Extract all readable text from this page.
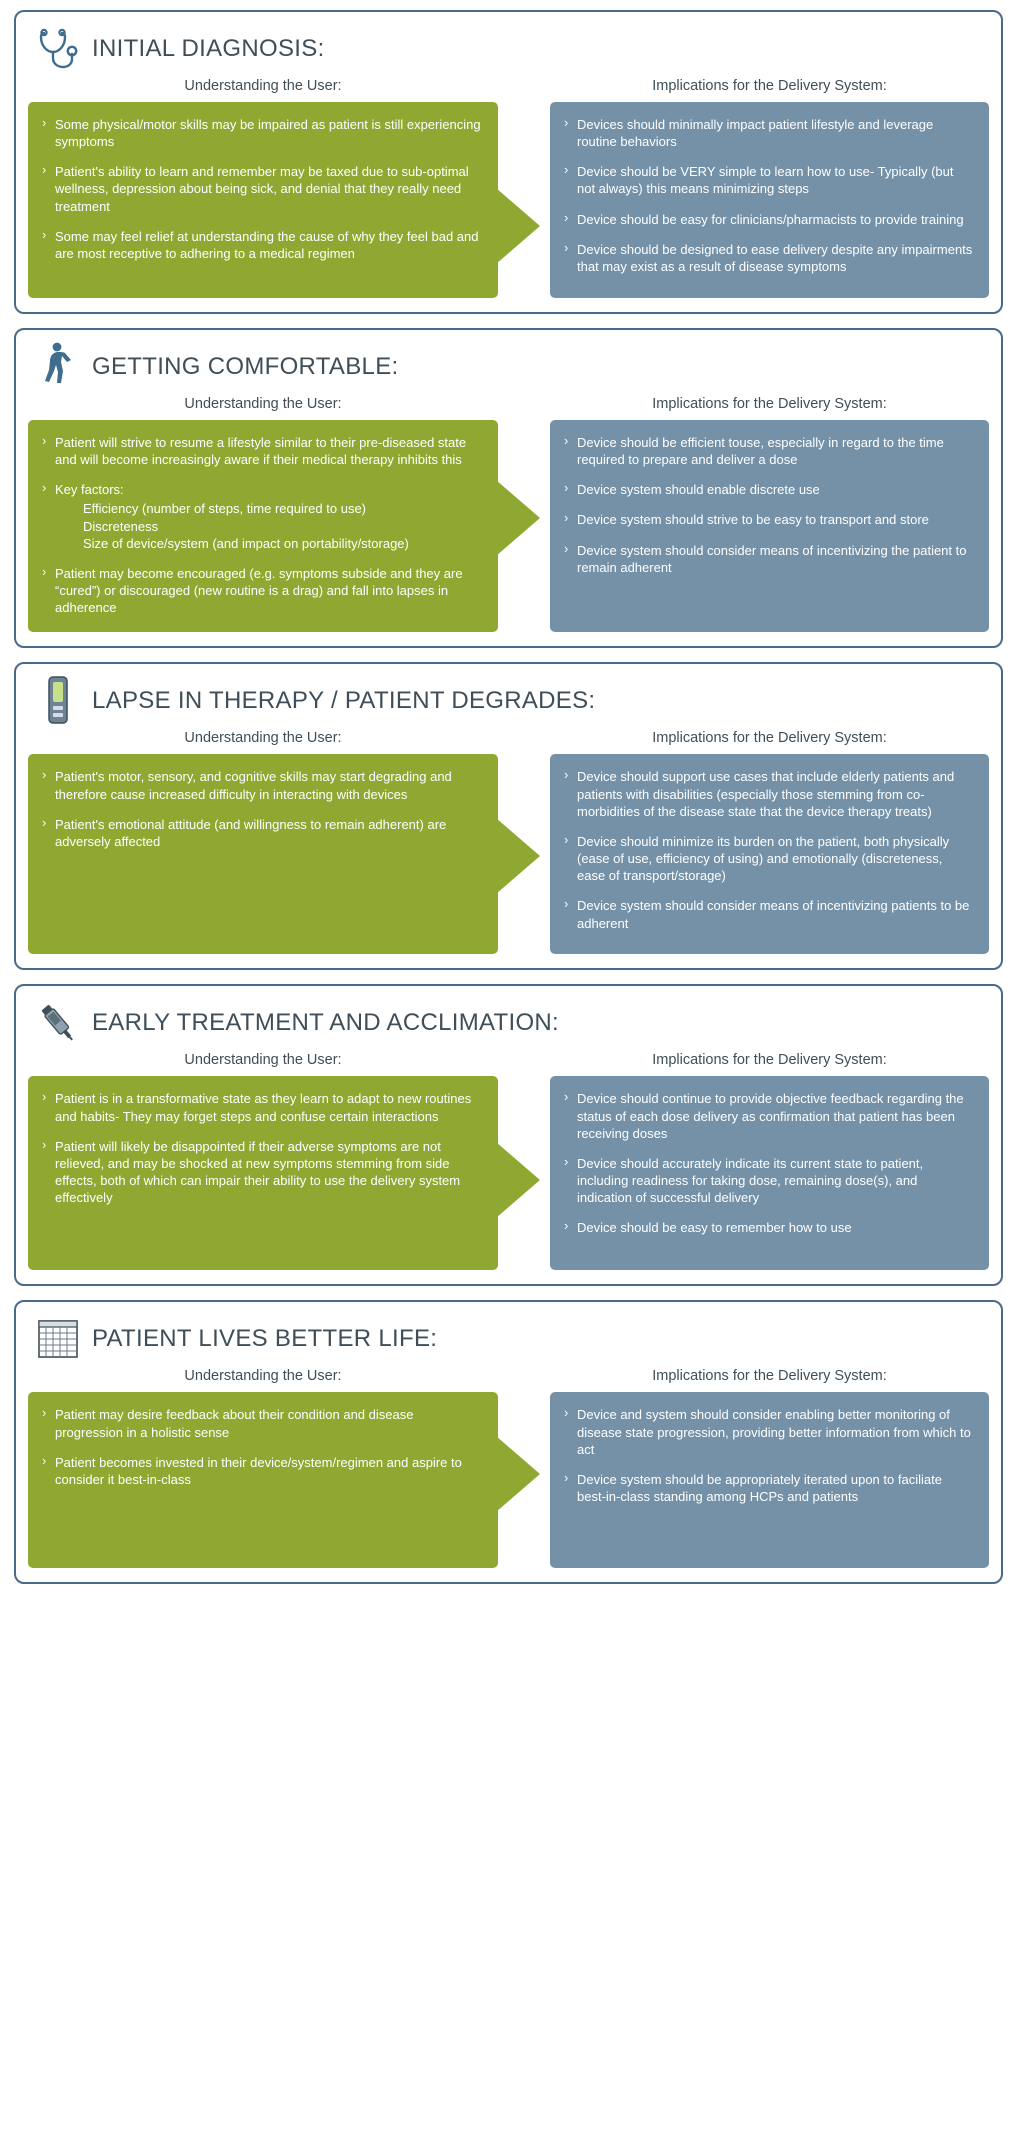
INITIAL DIAGNOSIS:
Understanding the User:
› Some physical/motor skills may be impaired as patient is still experiencing symptoms
› Patient's ability to learn and remember may be taxed due to sub-optimal wellness, depression about being sick, and denial that they really need treatment
› Some may feel relief at understanding the cause of why they feel bad and are most receptive to adhering to a medical regimen
Implications for the Delivery System:
› Devices should minimally impact patient lifestyle and leverage routine behaviors
› Device should be VERY simple to learn how to use- Typically (but not always) this means minimizing steps
› Device should be easy for clinicians/pharmacists to provide training
› Device should be designed to ease delivery despite any impairments that may exist as a result of disease symptoms
GETTING COMFORTABLE:
Understanding the User:
› Patient will strive to resume a lifestyle similar to their pre-diseased state and will become increasingly aware if their medical therapy inhibits this
› Key factors:
Efficiency (number of steps, time required to use)
Discreteness
Size of device/system (and impact on portability/storage)
› Patient may become encouraged (e.g. symptoms subside and they are “cured”) or discouraged (new routine is a drag) and fall into lapses in adherence
Implications for the Delivery System:
› Device should be efficient touse, especially in regard to the time required to prepare and deliver a dose
› Device system should enable discrete use
› Device system should strive to be easy to transport and store
› Device system should consider means of incentivizing the patient to remain adherent
LAPSE IN THERAPY / PATIENT DEGRADES:
Understanding the User:
› Patient's motor, sensory, and cognitive skills may start degrading and therefore cause increased difficulty in interacting with devices
› Patient's emotional attitude (and willingness to remain adherent) are adversely affected
Implications for the Delivery System:
› Device should support use cases that include elderly patients and patients with disabilities (especially those stemming from co-morbidities of the disease state that the device therapy treats)
› Device should minimize its burden on the patient, both physically (ease of use, efficiency of using) and emotionally (discreteness, ease of transport/storage)
› Device system should consider means of incentivizing patients to be adherent
EARLY TREATMENT AND ACCLIMATION:
Understanding the User:
› Patient is in a transformative state as they learn to adapt to new routines and habits- They may forget steps and confuse certain interactions
› Patient will likely be disappointed if their adverse symptoms are not relieved, and may be shocked at new symptoms stemming from side effects, both of which can impair their ability to use the delivery system effectively
Implications for the Delivery System:
› Device should continue to provide objective feedback regarding the status of each dose delivery as confirmation that patient has been receiving doses
› Device should accurately indicate its current state to patient, including readiness for taking dose, remaining dose(s), and indication of successful delivery
› Device should be easy to remember how to use
PATIENT LIVES BETTER LIFE:
Understanding the User:
› Patient may desire feedback about their condition and disease progression in a holistic sense
› Patient becomes invested in their device/system/regimen and aspire to consider it best-in-class
Implications for the Delivery System:
› Device and system should consider enabling better monitoring of disease state progression, providing better information from which to act
› Device system should be appropriately iterated upon to faciliate best-in-class standing among HCPs and patients
